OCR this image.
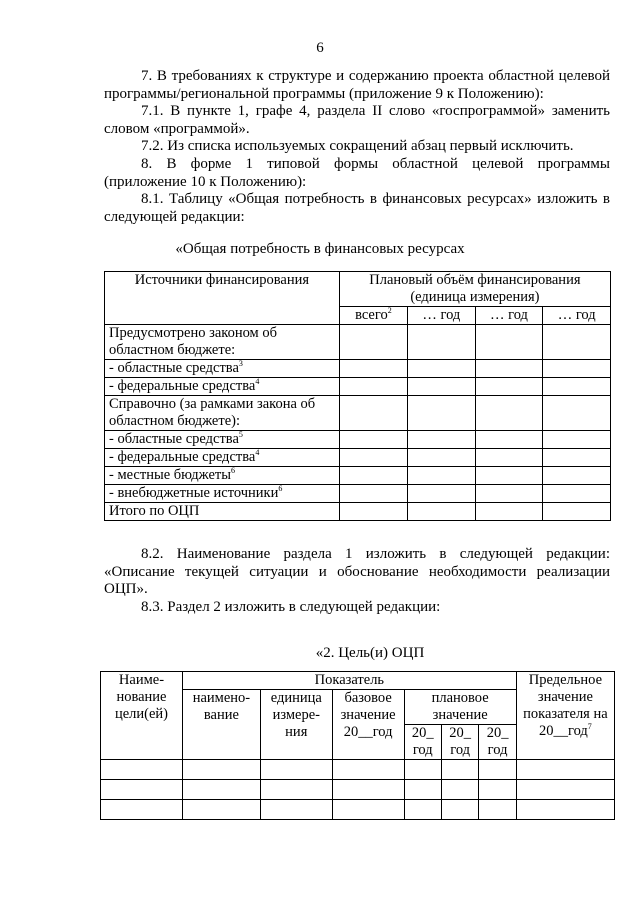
6

7. В требованиях к структуре и содержанию проекта областной целевой программы/региональной программы (приложение 9 к Положению):

7.1. В пункте 1, графе 4, раздела II слово «госпрограммой» заменить словом «программой».

7.2. Из списка используемых сокращений абзац первый исключить.

8. В форме 1 типовой формы областной целевой программы (приложение 10 к Положению):

8.1. Таблицу «Общая потребность в финансовых ресурсах» изложить в следующей редакции:

«Общая потребность в финансовых ресурсах
Источники финансирования	Плановый объём финансирования (единица измерения)			
	всего$^2$	… год	… год	… год
Предусмотрено законом об областном бюджете:				
- областные средства$^3$				
- федеральные средства$^4$				
Справочно (за рамками закона об областном бюджете):				
- областные средства$^5$				
- федеральные средства$^4$				
- местные бюджеты$^6$				
- внебюджетные источники$^6$				
Итого по ОЦП				

8.2. Наименование раздела 1 изложить в следующей редакции: «Описание текущей ситуации и обоснование необходимости реализации ОЦП».

8.3. Раздел 2 изложить в следующей редакции:

«2. Цель(и) ОЦП
Наиме-нование цели(ей)	Показатель						Предельное значение показателя на 20__год$^7$
	наимено-вание	единица измере-ния	базовое значение 20__год	плановое значение			
				20_ год	20_ год	20_ год	
